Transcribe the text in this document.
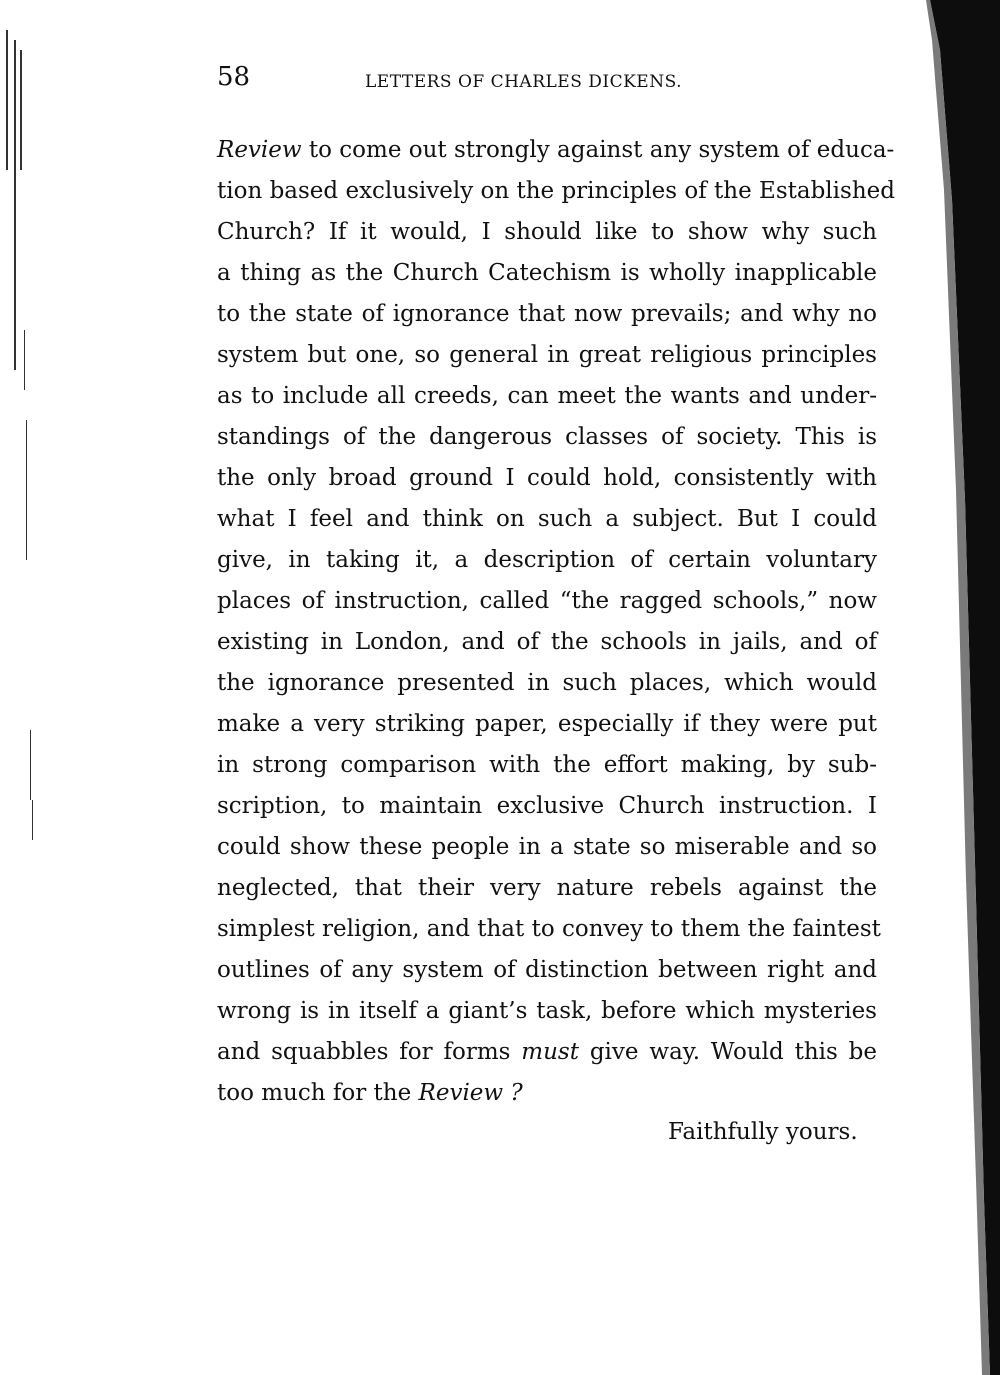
58	LETTERS OF CHARLES DICKENS.
Review to come out strongly against any system of educa-
tion based exclusively on the principles of the Established
Church? If it would, I should like to show why such
a thing as the Church Catechism is wholly inapplicable
to the state of ignorance that now prevails; and why no
system but one, so general in great religious principles
as to include all creeds, can meet the wants and under-
standings of the dangerous classes of society. This is
the only broad ground I could hold, consistently with
what I feel and think on such a subject. But I could
give, in taking it, a description of certain voluntary
places of instruction, called “the ragged schools,” now
existing in London, and of the schools in jails, and of
the ignorance presented in such places, which would
make a very striking paper, especially if they were put
in strong comparison with the effort making, by sub-
scription, to maintain exclusive Church instruction. I
could show these people in a state so miserable and so
neglected, that their very nature rebels against the
simplest religion, and that to convey to them the faintest
outlines of any system of distinction between right and
wrong is in itself a giant’s task, before which mysteries
and squabbles for forms must give way. Would this be
too much for the Review ?
Faithfully yours.
